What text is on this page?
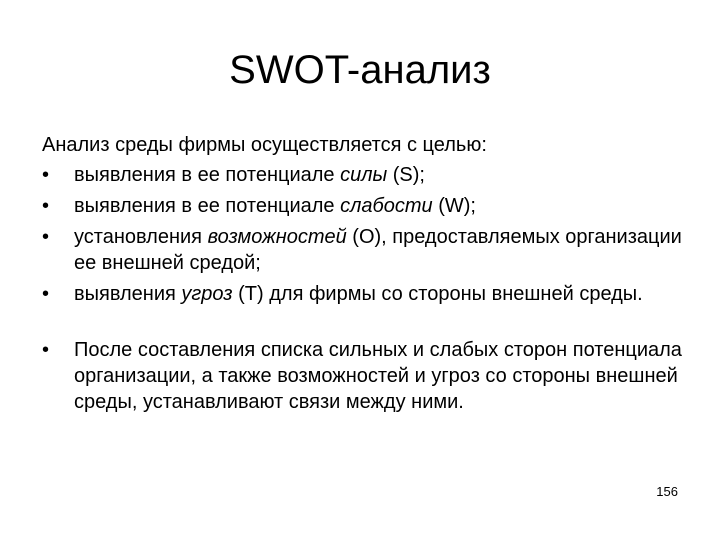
SWOT-анализ

Анализ среды фирмы осуществляется с целью:

• выявления в ее потенциале силы (S);
• выявления в ее потенциале слабости (W);
• установления возможностей (O), предоставляемых организации ее внешней средой;
• выявления угроз (T) для фирмы со стороны внешней среды.
• После составления списка сильных и слабых сторон потенциала организации, а также возможностей и угроз со стороны внешней среды, устанавливают связи между ними.
156
